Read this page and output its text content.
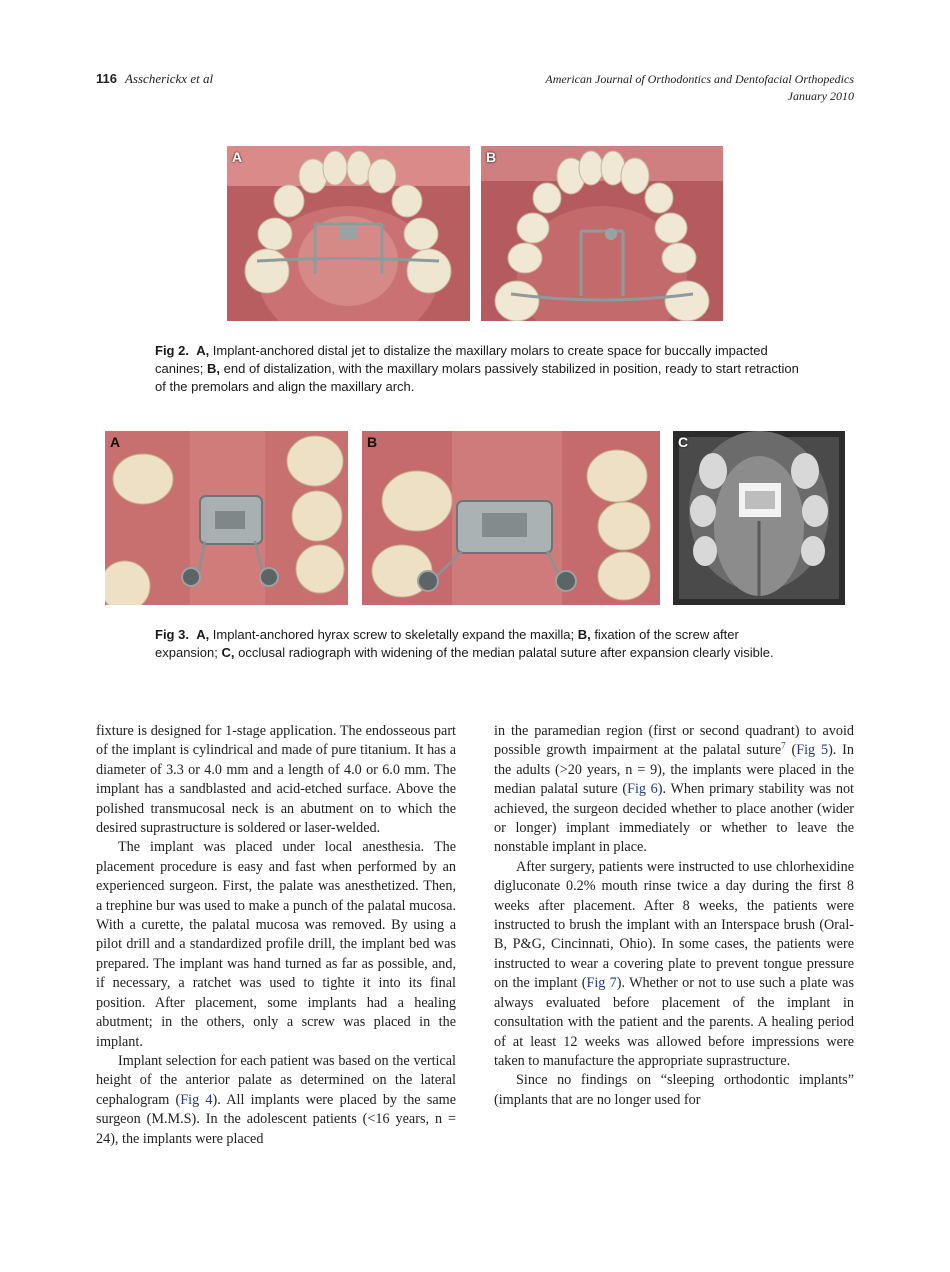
116 Asscherickx et al	American Journal of Orthodontics and Dentofacial Orthopedics
January 2010
A	B
Fig 2. A, Implant-anchored distal jet to distalize the maxillary molars to create space for buccally impacted canines; B, end of distalization, with the maxillary molars passively stabilized in position, ready to start retraction of the premolars and align the maxillary arch.
A	B	C
Fig 3. A, Implant-anchored hyrax screw to skeletally expand the maxilla; B, fixation of the screw after expansion; C, occlusal radiograph with widening of the median palatal suture after expansion clearly visible.

fixture is designed for 1-stage application. The endosseous part of the implant is cylindrical and made of pure titanium. It has a diameter of 3.3 or 4.0 mm and a length of 4.0 or 6.0 mm. The implant has a sandblasted and acid-etched surface. Above the polished transmucosal neck is an abutment on to which the desired suprastructure is soldered or laser-welded.

The implant was placed under local anesthesia. The placement procedure is easy and fast when performed by an experienced surgeon. First, the palate was anesthetized. Then, a trephine bur was used to make a punch of the palatal mucosa. With a curette, the palatal mucosa was removed. By using a pilot drill and a standardized profile drill, the implant bed was prepared. The implant was hand turned as far as possible, and, if necessary, a ratchet was used to tighte it into its final position. After placement, some implants had a healing abutment; in the others, only a screw was placed in the implant.

Implant selection for each patient was based on the vertical height of the anterior palate as determined on the lateral cephalogram (Fig 4). All implants were placed by the same surgeon (M.M.S). In the adolescent patients (<16 years, n = 24), the implants were placed

in the paramedian region (first or second quadrant) to avoid possible growth impairment at the palatal suture$^7$ (Fig 5). In the adults (>20 years, n = 9), the implants were placed in the median palatal suture (Fig 6). When primary stability was not achieved, the surgeon decided whether to place another (wider or longer) implant immediately or whether to leave the nonstable implant in place.

After surgery, patients were instructed to use chlorhexidine digluconate 0.2% mouth rinse twice a day during the first 8 weeks after placement. After 8 weeks, the patients were instructed to brush the implant with an Interspace brush (Oral-B, P&G, Cincinnati, Ohio). In some cases, the patients were instructed to wear a covering plate to prevent tongue pressure on the implant (Fig 7). Whether or not to use such a plate was always evaluated before placement of the implant in consultation with the patient and the parents. A healing period of at least 12 weeks was allowed before impressions were taken to manufacture the appropriate suprastructure.

Since no findings on “sleeping orthodontic implants” (implants that are no longer used for
